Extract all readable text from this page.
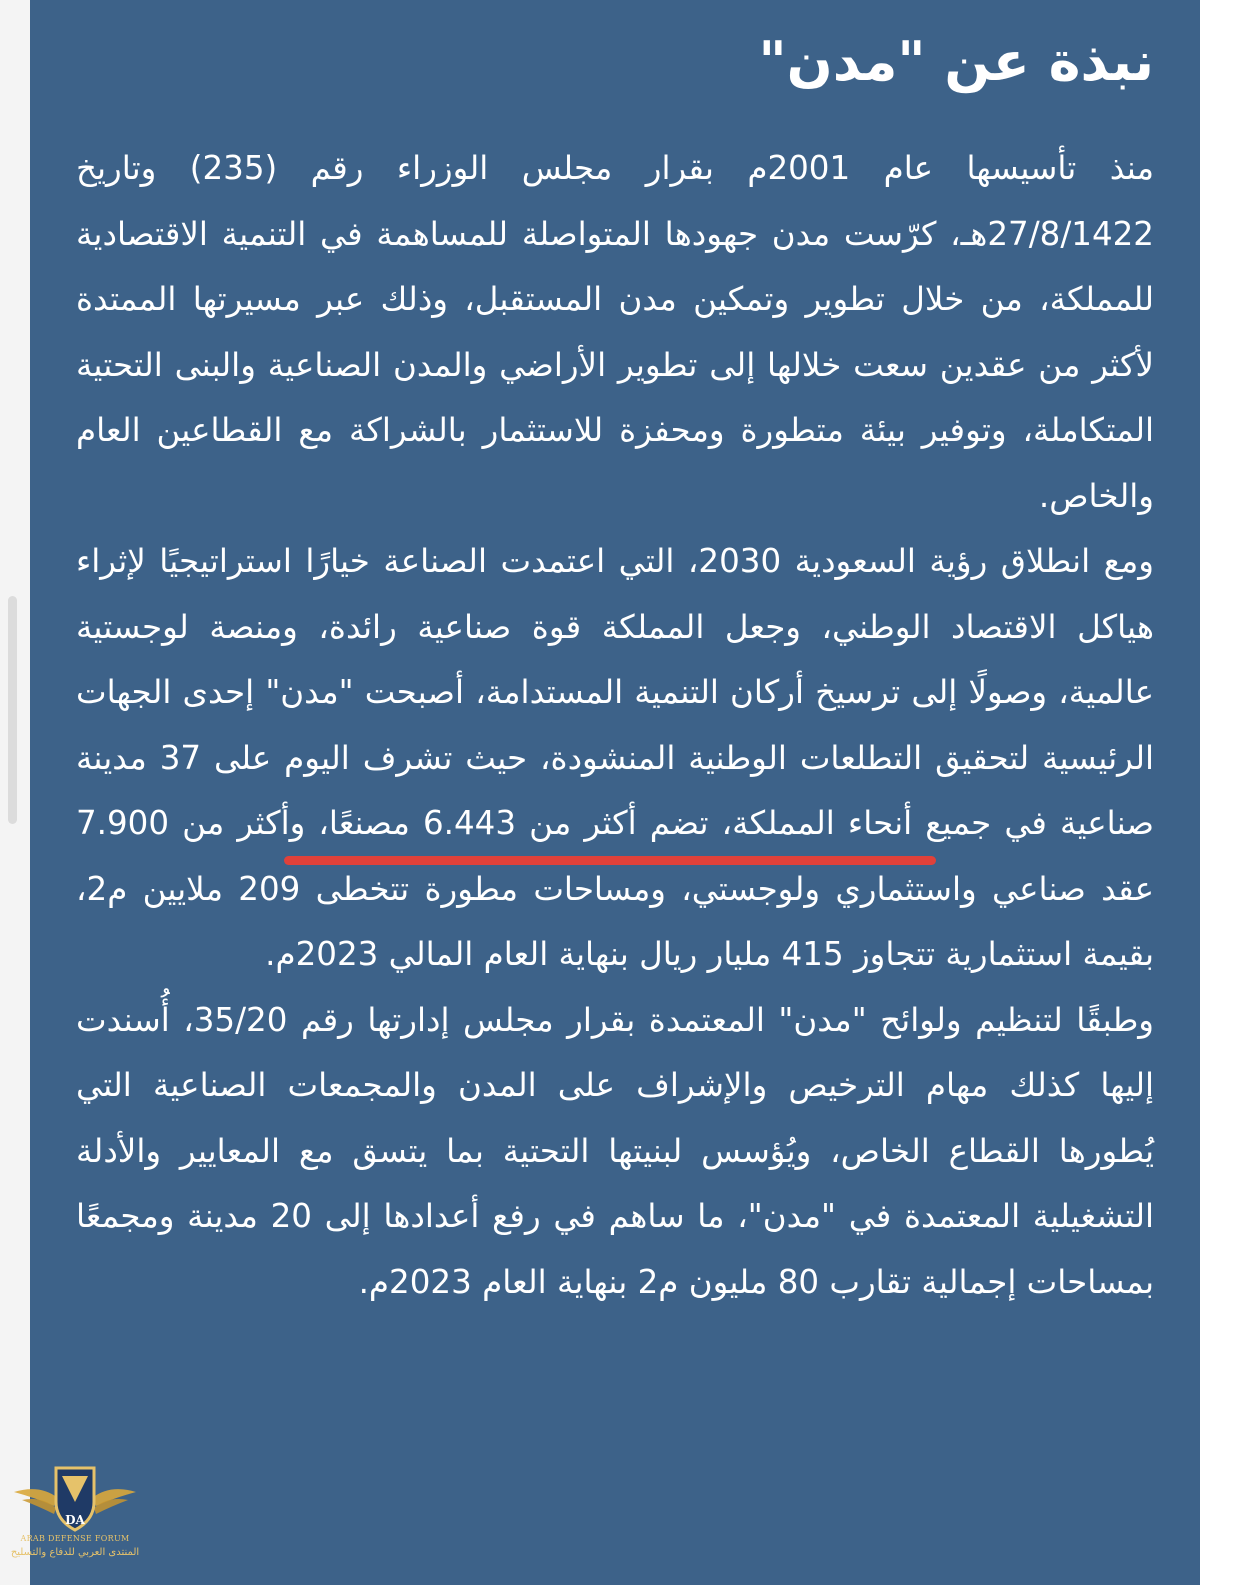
نبذة عن "مدن"

منذ تأسيسها عام 2001م بقرار مجلس الوزراء رقم (235) وتاريخ 27/8/1422هـ، كرّست مدن جهودها المتواصلة للمساهمة في التنمية الاقتصادية للمملكة، من خلال تطوير وتمكين مدن المستقبل، وذلك عبر مسيرتها الممتدة لأكثر من عقدين سعت خلالها إلى تطوير الأراضي والمدن الصناعية والبنى التحتية المتكاملة، وتوفير بيئة متطورة ومحفزة للاستثمار بالشراكة مع القطاعين العام والخاص.

ومع انطلاق رؤية السعودية 2030، التي اعتمدت الصناعة خيارًا استراتيجيًا لإثراء هياكل الاقتصاد الوطني، وجعل المملكة قوة صناعية رائدة، ومنصة لوجستية عالمية، وصولًا إلى ترسيخ أركان التنمية المستدامة، أصبحت "مدن" إحدى الجهات الرئيسية لتحقيق التطلعات الوطنية المنشودة، حيث تشرف اليوم على 37 مدينة صناعية في جميع أنحاء المملكة، تضم أكثر من 6.443 مصنعًا، وأكثر من 7.900 عقد صناعي واستثماري ولوجستي، ومساحات مطورة تتخطى 209 ملايين م2، بقيمة استثمارية تتجاوز 415 مليار ريال بنهاية العام المالي 2023م.

وطبقًا لتنظيم ولوائح "مدن" المعتمدة بقرار مجلس إدارتها رقم 35/20، أُسندت إليها كذلك مهام الترخيص والإشراف على المدن والمجمعات الصناعية التي يُطورها القطاع الخاص، ويُؤسس لبنيتها التحتية بما يتسق مع المعايير والأدلة التشغيلية المعتمدة في "مدن"، ما ساهم في رفع أعدادها إلى 20 مدينة ومجمعًا بمساحات إجمالية تقارب 80 مليون م2 بنهاية العام 2023م.

DA
ARAB DEFENSE FORUM
المنتدى العربي للدفاع والتسليح
